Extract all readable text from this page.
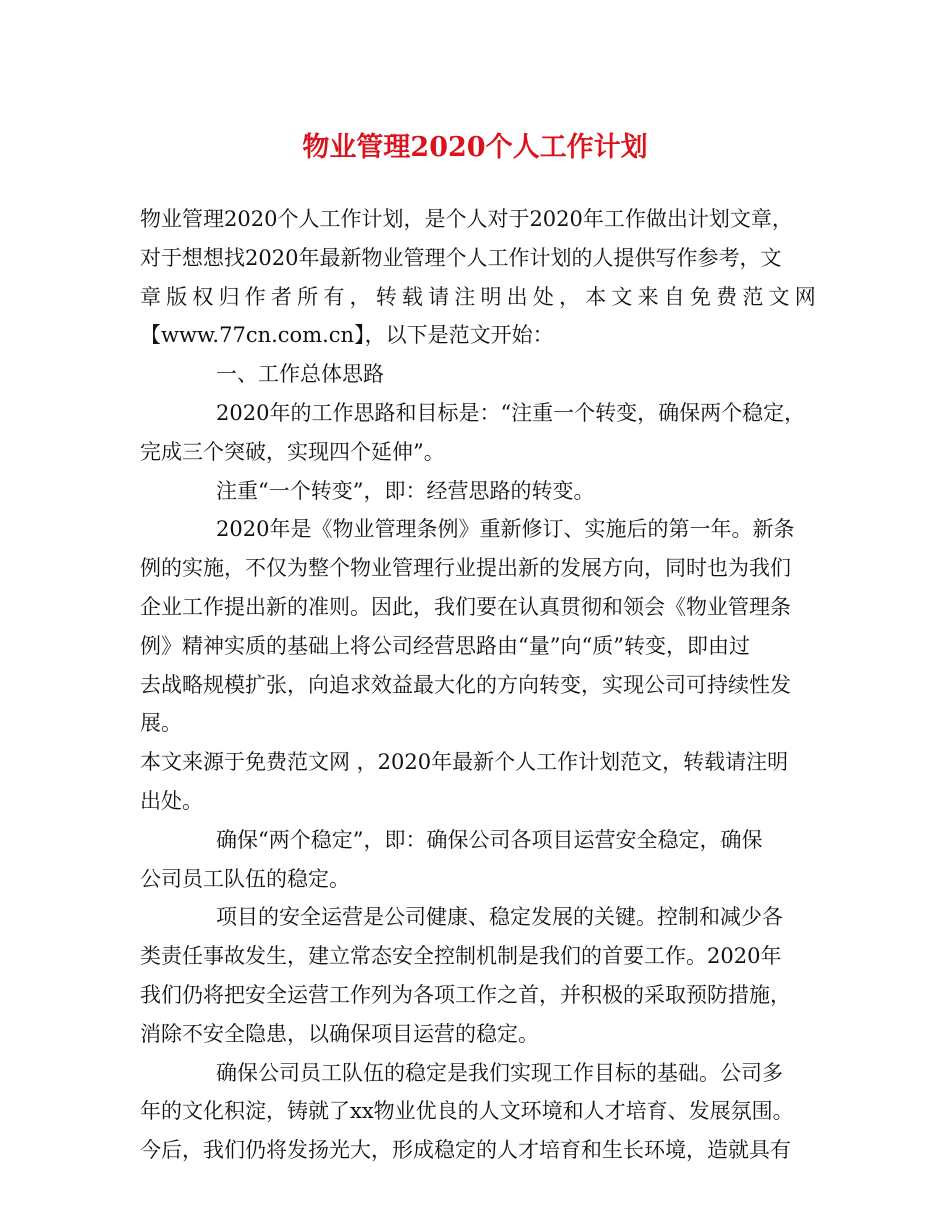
物业管理2020个人工作计划

物业管理2020个人工作计划，是个人对于2020年工作做出计划文章，

对于想想找2020年最新物业管理个人工作计划的人提供写作参考，文

章 版 权 归 作 者 所 有 ， 转 载 请 注 明 出 处 ， 本 文 来 自 免 费 范 文 网

【www.77cn.com.cn】，以下是范文开始：

一、工作总体思路

2020年的工作思路和目标是：“注重一个转变，确保两个稳定，

完成三个突破，实现四个延伸”。

注重“一个转变”，即：经营思路的转变。

2020年是《物业管理条例》重新修订、实施后的第一年。新条

例的实施，不仅为整个物业管理行业提出新的发展方向，同时也为我们

企业工作提出新的准则。因此，我们要在认真贯彻和领会《物业管理条

例》精神实质的基础上将公司经营思路由“量”向“质”转变，即由过

去战略规模扩张，向追求效益最大化的方向转变，实现公司可持续性发

展。

本文来源于免费范文网 ，2020年最新个人工作计划范文，转载请注明

出处。

确保“两个稳定”，即：确保公司各项目运营安全稳定，确保

公司员工队伍的稳定。

项目的安全运营是公司健康、稳定发展的关键。控制和减少各

类责任事故发生，建立常态安全控制机制是我们的首要工作。2020年

我们仍将把安全运营工作列为各项工作之首，并积极的采取预防措施，

消除不安全隐患，以确保项目运营的稳定。

确保公司员工队伍的稳定是我们实现工作目标的基础。公司多

年的文化积淀，铸就了xx物业优良的人文环境和人才培育、发展氛围。

今后，我们仍将发扬光大，形成稳定的人才培育和生长环境，造就具有
